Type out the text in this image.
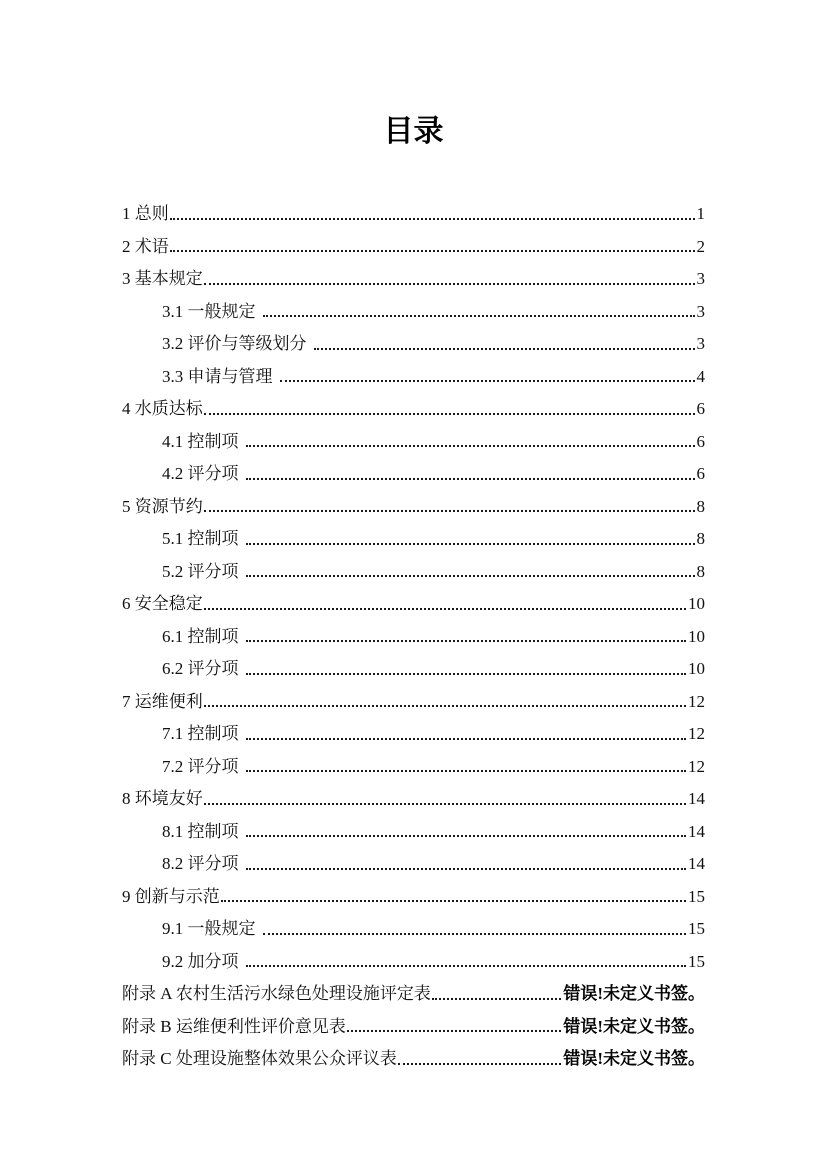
目录
1 总则	1
2 术语	2
3 基本规定	3
3.1 一般规定	3
3.2 评价与等级划分	3
3.3 申请与管理	4
4 水质达标	6
4.1 控制项	6
4.2 评分项	6
5 资源节约	8
5.1 控制项	8
5.2 评分项	8
6 安全稳定	10
6.1 控制项	10
6.2 评分项	10
7 运维便利	12
7.1 控制项	12
7.2 评分项	12
8 环境友好	14
8.1 控制项	14
8.2 评分项	14
9 创新与示范	15
9.1 一般规定	15
9.2 加分项	15
附录 A 农村生活污水绿色处理设施评定表	错误!未定义书签。
附录 B 运维便利性评价意见表	错误!未定义书签。
附录 C 处理设施整体效果公众评议表	错误!未定义书签。
